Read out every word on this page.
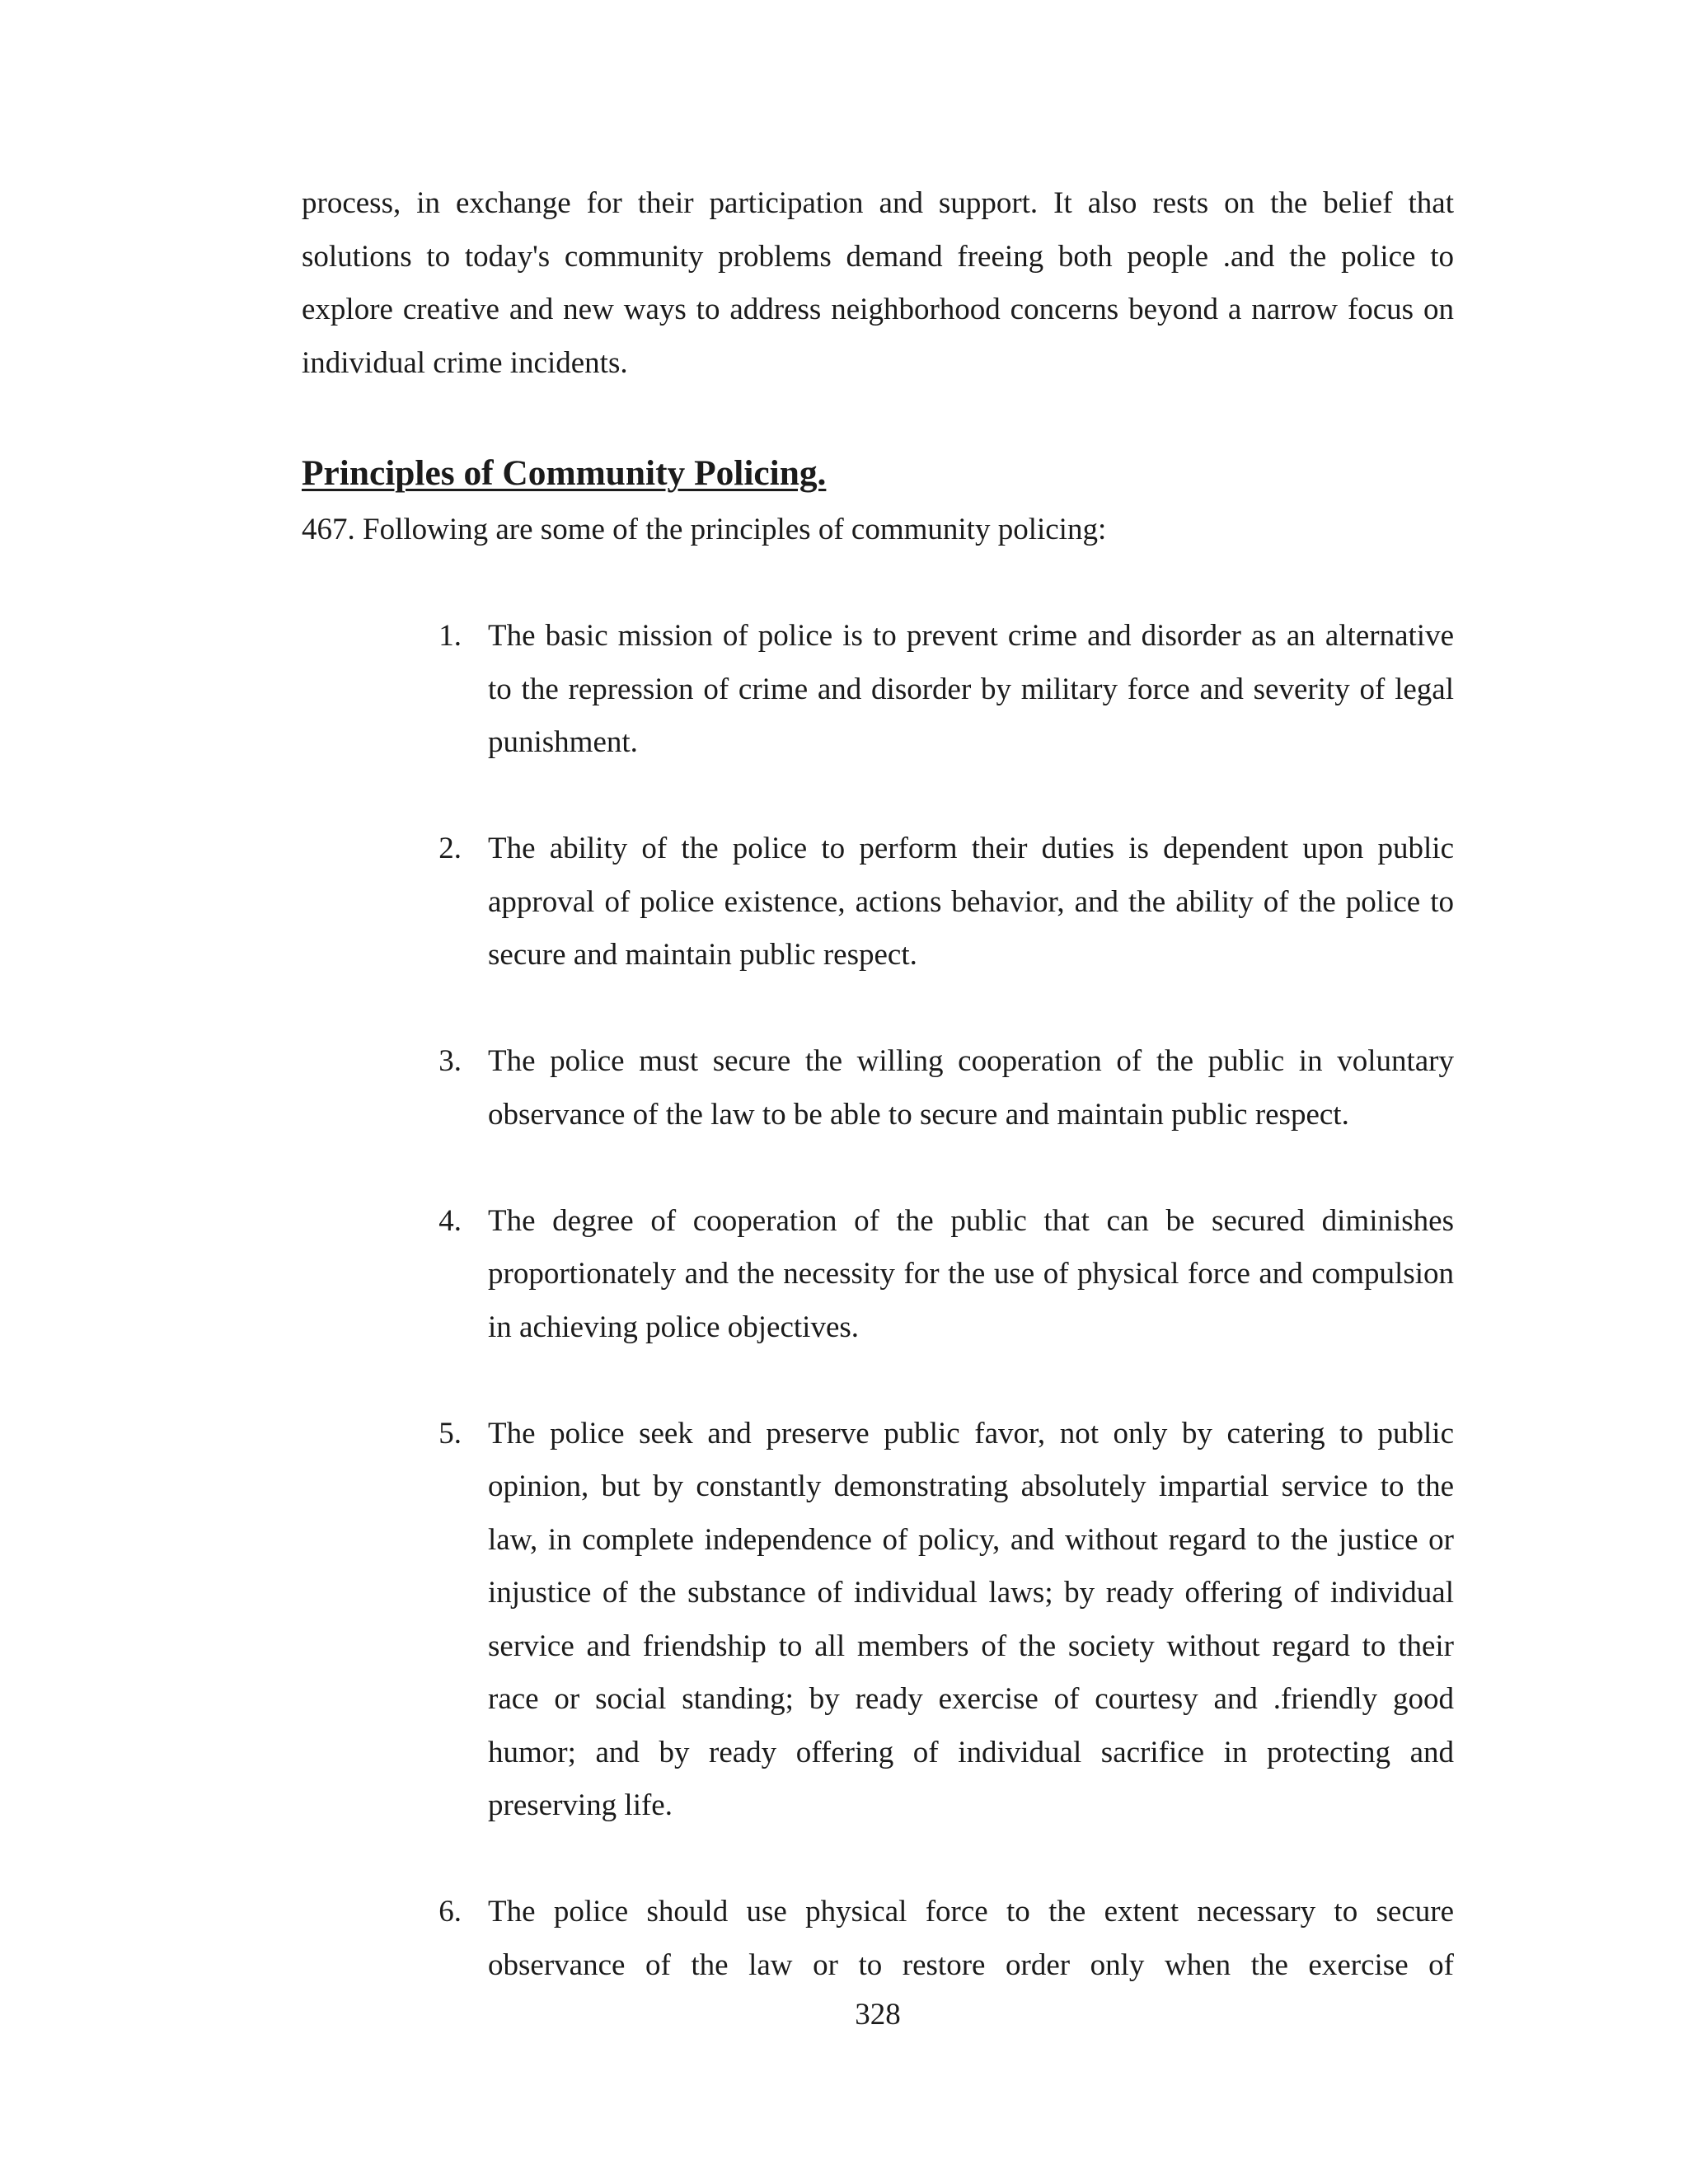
process, in exchange for their participation and support. It also rests on the belief that
solutions to today's community problems demand freeing both people .and the police to
explore creative and new ways to address neighborhood concerns beyond a narrow focus on
individual crime incidents.
Principles of Community Policing.
467. Following are some of the principles of community policing:
1. The basic mission of police is to prevent crime and disorder as an alternative
to the repression of crime and disorder by military force and severity of legal
punishment.
2. The ability of the police to perform their duties is dependent upon public
approval of police existence, actions behavior, and the ability of the police to
secure and maintain public respect.
3. The police must secure the willing cooperation of the public in voluntary
observance of the law to be able to secure and maintain public respect.
4. The degree of cooperation of the public that can be secured diminishes
proportionately and the necessity for the use of physical force and compulsion
in achieving police objectives.
5. The police seek and preserve public favor, not only by catering to public
opinion, but by constantly demonstrating absolutely impartial service to the
law, in complete independence of policy, and without regard to the justice or
injustice of the substance of individual laws; by ready offering of individual
service and friendship to all members of the society without regard to their
race or social standing; by ready exercise of courtesy and .friendly good
humor; and by ready offering of individual sacrifice in protecting and
preserving life.
6. The police should use physical force to the extent necessary to secure
observance of the law or to restore order only when the exercise of
328
